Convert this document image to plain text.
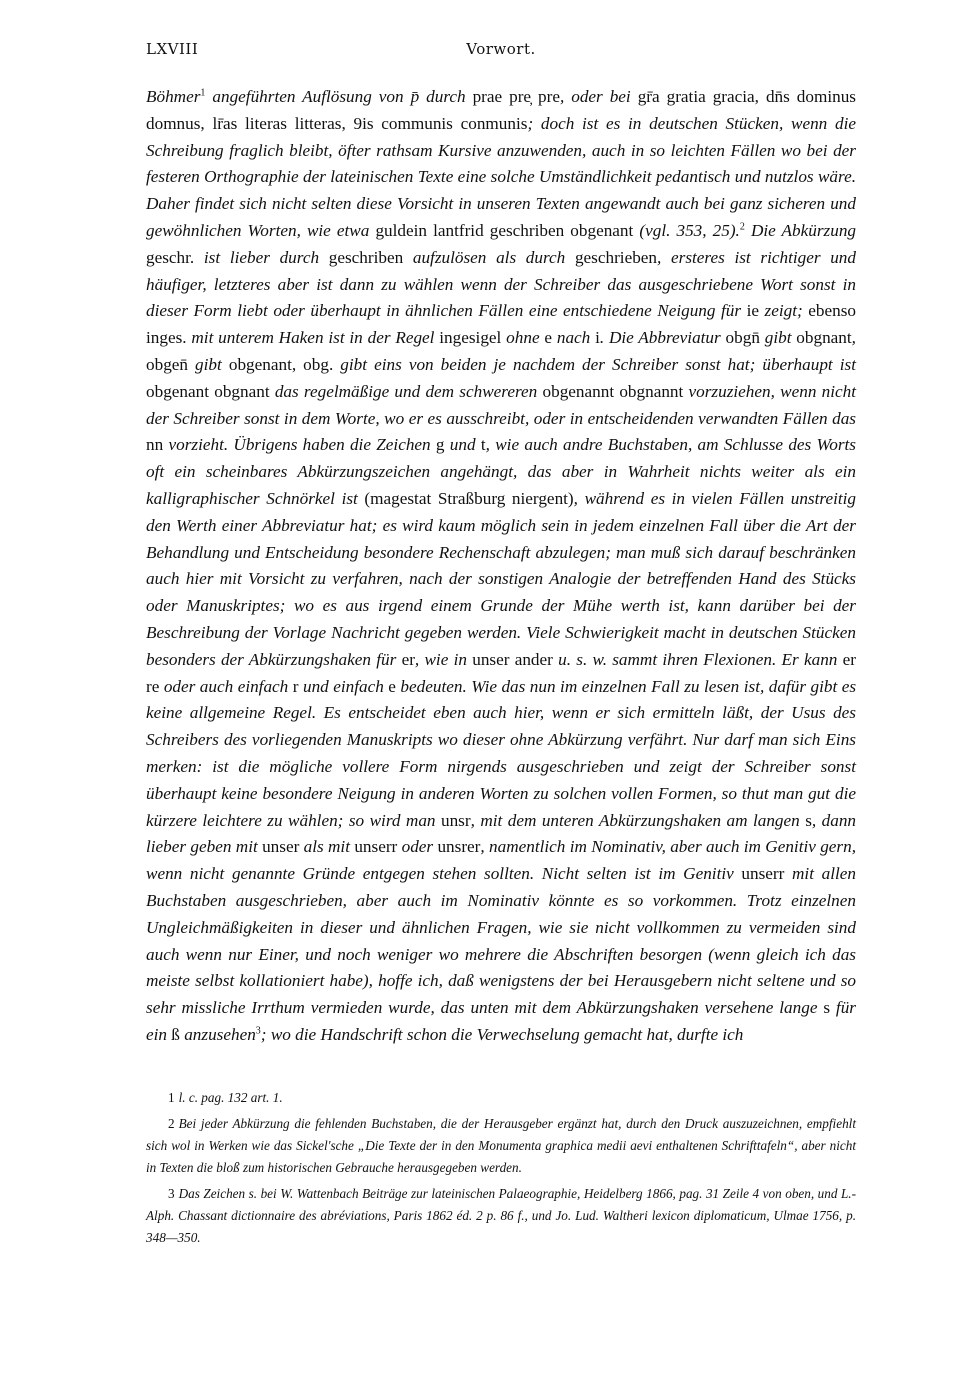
LXVIII	Vorwort.

Böhmer$^1$ angeführten Auflösung von p̄ durch prae pre̦ pre, oder bei gr̄a gratia gracia, dn̄s dominus domnus, lr̄as literas litteras, 9is communis conmunis; doch ist es in deutschen Stücken, wenn die Schreibung fraglich bleibt, öfter rathsam Kursive anzuwenden, auch in so leichten Fällen wo bei der festeren Orthographie der lateinischen Texte eine solche Umständlichkeit pedantisch und nutzlos wäre. Daher findet sich nicht selten diese Vorsicht in unseren Texten angewandt auch bei ganz sicheren und gewöhnlichen Worten, wie etwa guldein lantfrid geschriben obgenant (vgl. 353, 25).$^2$ Die Abkürzung geschr. ist lieber durch geschriben aufzulösen als durch geschrieben, ersteres ist richtiger und häufiger, letzteres aber ist dann zu wählen wenn der Schreiber das ausgeschriebene Wort sonst in dieser Form liebt oder überhaupt in ähnlichen Fällen eine entschiedene Neigung für ie zeigt; ebenso inges. mit unterem Haken ist in der Regel ingesigel ohne e nach i. Die Abbreviatur obgn̄ gibt obgnant, obgen̄ gibt obgenant, obg. gibt eins von beiden je nachdem der Schreiber sonst hat; überhaupt ist obgenant obgnant das regelmäßige und dem schwereren obgenannt obgnannt vorzuziehen, wenn nicht der Schreiber sonst in dem Worte, wo er es ausschreibt, oder in entscheidenden verwandten Fällen das nn vorzieht. Übrigens haben die Zeichen g und t, wie auch andre Buchstaben, am Schlusse des Worts oft ein scheinbares Abkürzungszeichen angehängt, das aber in Wahrheit nichts weiter als ein kalligraphischer Schnörkel ist (magestat Straßburg niergent), während es in vielen Fällen unstreitig den Werth einer Abbreviatur hat; es wird kaum möglich sein in jedem einzelnen Fall über die Art der Behandlung und Entscheidung besondere Rechenschaft abzulegen; man muß sich darauf beschränken auch hier mit Vorsicht zu verfahren, nach der sonstigen Analogie der betreffenden Hand des Stücks oder Manuskriptes; wo es aus irgend einem Grunde der Mühe werth ist, kann darüber bei der Beschreibung der Vorlage Nachricht gegeben werden. Viele Schwierigkeit macht in deutschen Stücken besonders der Abkürzungshaken für er, wie in unser ander u. s. w. sammt ihren Flexionen. Er kann er re oder auch einfach r und einfach e bedeuten. Wie das nun im einzelnen Fall zu lesen ist, dafür gibt es keine allgemeine Regel. Es entscheidet eben auch hier, wenn er sich ermitteln läßt, der Usus des Schreibers des vorliegenden Manuskripts wo dieser ohne Abkürzung verfährt. Nur darf man sich Eins merken: ist die mögliche vollere Form nirgends ausgeschrieben und zeigt der Schreiber sonst überhaupt keine besondere Neigung in anderen Worten zu solchen vollen Formen, so thut man gut die kürzere leichtere zu wählen; so wird man unsr, mit dem unteren Abkürzungshaken am langen s, dann lieber geben mit unser als mit unserr oder unsrer, namentlich im Nominativ, aber auch im Genitiv gern, wenn nicht genannte Gründe entgegen stehen sollten. Nicht selten ist im Genitiv unserr mit allen Buchstaben ausgeschrieben, aber auch im Nominativ könnte es so vorkommen. Trotz einzelnen Ungleichmäßigkeiten in dieser und ähnlichen Fragen, wie sie nicht vollkommen zu vermeiden sind auch wenn nur Einer, und noch weniger wo mehrere die Abschriften besorgen (wenn gleich ich das meiste selbst kollationiert habe), hoffe ich, daß wenigstens der bei Herausgebern nicht seltene und so sehr missliche Irrthum vermieden wurde, das unten mit dem Abkürzungshaken versehene lange s für ein ß anzusehen$^3$; wo die Handschrift schon die Verwechselung gemacht hat, durfte ich

1 l. c. pag. 132 art. 1.

2 Bei jeder Abkürzung die fehlenden Buchstaben, die der Herausgeber ergänzt hat, durch den Druck auszuzeichnen, empfiehlt sich wol in Werken wie das Sickel'sche „Die Texte der in den Monumenta graphica medii aevi enthaltenen Schrifttafeln“, aber nicht in Texten die bloß zum historischen Gebrauche herausgegeben werden.

3 Das Zeichen s. bei W. Wattenbach Beiträge zur lateinischen Palaeographie, Heidelberg 1866, pag. 31 Zeile 4 von oben, und L.-Alph. Chassant dictionnaire des abréviations, Paris 1862 éd. 2 p. 86 f., und Jo. Lud. Waltheri lexicon diplomaticum, Ulmae 1756, p. 348—350.
